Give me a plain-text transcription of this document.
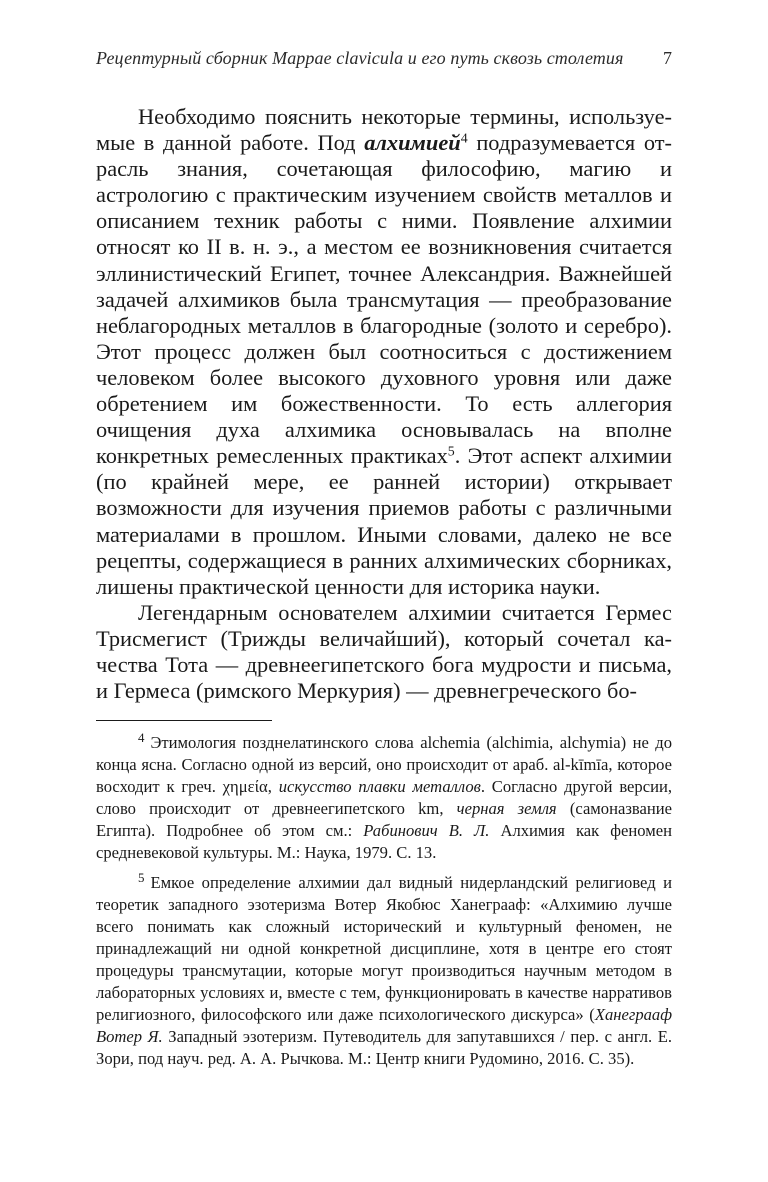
Рецептурный сборник Mappae clavicula и его путь сквозь столетия 7

Необходимо пояснить некоторые термины, используемые в данной работе. Под алхимией$^4$ подразумевается отрасль знания, сочетающая философию, магию и астрологию с практическим изучением свойств металлов и описанием техник работы с ними. Появление алхимии относят ко II в. н. э., а местом ее возникновения считается эллинистический Египет, точнее Александрия. Важнейшей задачей алхимиков была трансмутация — преобразование неблагородных металлов в благородные (золото и серебро). Этот процесс должен был соотноситься с достижением человеком более высокого духовного уровня или даже обретением им божественности. То есть аллегория очищения духа алхимика основывалась на вполне конкретных ремесленных практиках$^5$. Этот аспект алхимии (по крайней мере, ее ранней истории) открывает возможности для изучения приемов работы с различными материалами в прошлом. Иными словами, далеко не все рецепты, содержащиеся в ранних алхимических сборниках, лишены практической ценности для историка науки.

Легендарным основателем алхимии считается Гермес Трисмегист (Трижды величайший), который сочетал качества Тота — древнеегипетского бога мудрости и письма, и Гермеса (римского Меркурия) — древнегреческого бо-

$^4$ Этимология позднелатинского слова alchemia (alchimia, alchymia) не до конца ясна. Согласно одной из версий, оно происходит от араб. al-kīmīa, которое восходит к греч. χημεία, искусство плавки металлов. Согласно другой версии, слово происходит от древнеегипетского km, черная земля (самоназвание Египта). Подробнее об этом см.: Рабинович В. Л. Алхимия как феномен средневековой культуры. М.: Наука, 1979. С. 13.

$^5$ Емкое определение алхимии дал видный нидерландский религиовед и теоретик западного эзотеризма Вотер Якобюс Ханеграаф: «Алхимию лучше всего понимать как сложный исторический и культурный феномен, не принадлежащий ни одной конкретной дисциплине, хотя в центре его стоят процедуры трансмутации, которые могут производиться научным методом в лабораторных условиях и, вместе с тем, функционировать в качестве нарративов религиозного, философского или даже психологического дискурса» (Ханеграаф Вотер Я. Западный эзотеризм. Путеводитель для запутавшихся / пер. с англ. Е. Зори, под науч. ред. А. А. Рычкова. М.: Центр книги Рудомино, 2016. С. 35).
